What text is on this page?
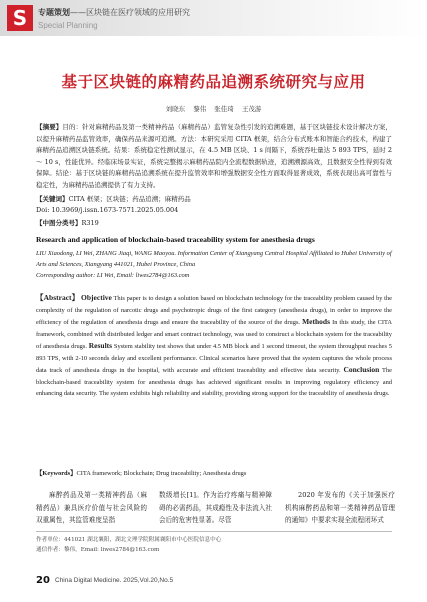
S	专题策划——区块链在医疗领域的应用研究
Special Planning
基于区块链的麻精药品追溯系统研究与应用
刘晓东 黎伟 张佳琦 王茂游
【摘要】目的：针对麻精药品及第一类精神药品（麻精药品）监管复杂性引发的追溯难题，基于区块链技术设计解决方案，以提升麻精药品监管效率，确保药品来源可追溯。方法：本研究采用 CITA 框架，结合分布式账本和智能合约技术，构建了麻精药品追溯区块链系统。结果：系统稳定性测试显示，在 4.5 MB 区块、1 s 间隔下，系统吞吐量达 5 893 TPS，延时 2 ～ 10 s，性能优异。经临床场景实证，系统完整揭示麻精药品院内全流程数据轨迹，追溯溯源高效，且数据安全性得到有效保障。结论：基于区块链的麻精药品追溯系统在提升监管效率和增强数据安全性方面取得显著成效，系统表现出高可靠性与稳定性，为麻精药品追溯提供了有力支持。
【关键词】CITA 框架；区块链；药品追溯；麻精药品
Doi: 10.3969/j.issn.1673-7571.2025.05.004
【中图分类号】R319
Research and application of blockchain-based traceability system for anesthesia drugs
LIU Xiaodong, LI Wei, ZHANG Jiaqi, WANG Maoyou. Information Center of Xiangyang Central Hospital Affiliated to Hubei University of Arts and Sciences, Xiangyang 441021, Hubei Province, China
Corresponding author: LI Wei, Email: liwes2784@163.com
【Abstract】 Objective This paper is to design a solution based on blockchain technology for the traceability problem caused by the complexity of the regulation of narcotic drugs and psychotropic drugs of the first category (anesthesia drugs), in order to improve the efficiency of the regulation of anesthesia drugs and ensure the traceability of the source of the drugs. Methods In this study, the CITA framework, combined with distributed ledger and smart contract technology, was used to construct a blockchain system for the traceability of anesthesia drugs. Results System stability test shows that under 4.5 MB block and 1 second timeout, the system throughput reaches 5 893 TPS, with 2-10 seconds delay and excellent performance. Clinical scenarios have proved that the system captures the whole process data track of anesthesia drugs in the hospital, with accurate and efficient traceability and effective data security. Conclusion The blockchain-based traceability system for anesthesia drugs has achieved significant results in improving regulatory efficiency and enhancing data security. The system exhibits high reliability and stability, providing strong support for the traceability of anesthesia drugs.
【Keywords】CITA framework; Blockchain; Drug traceability; Anesthesia drugs
麻醉药品及第一类精神药品（麻精药品）兼具医疗价值与社会风险的双重属性，其监管难度呈指
数级增长[1]。作为治疗疼痛与精神障碍的必需药品，其成瘾性及非法流入社会后的危害性显著。尽管
2020 年发布的《关于加强医疗机构麻醉药品和第一类精神药品管理的通知》中要求实现全流程闭环式
作者单位：441021 湖北襄阳，湖北文理学院附属襄阳市中心医院信息中心
通信作者：黎伟，Email: liwes2784@163.com
20 China Digital Medicine. 2025,Vol.20,No.5
